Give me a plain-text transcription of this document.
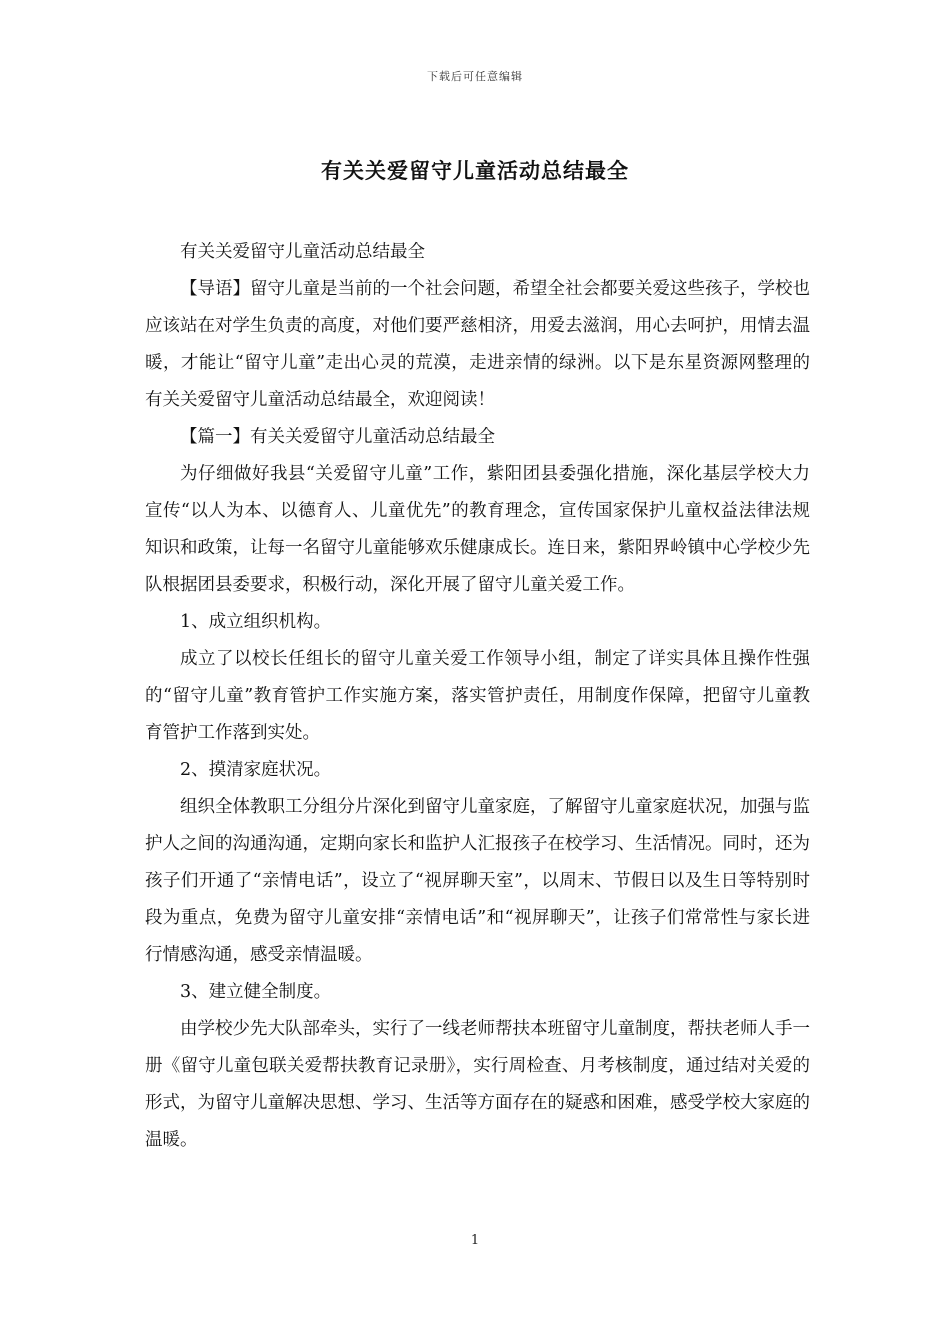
下载后可任意编辑
有关关爱留守儿童活动总结最全

有关关爱留守儿童活动总结最全

【导语】留守儿童是当前的一个社会问题，希望全社会都要关爱这些孩子，学校也应该站在对学生负责的高度，对他们要严慈相济，用爱去滋润，用心去呵护，用情去温暖，才能让“留守儿童”走出心灵的荒漠，走进亲情的绿洲。以下是东星资源网整理的有关关爱留守儿童活动总结最全，欢迎阅读！

【篇一】有关关爱留守儿童活动总结最全

为仔细做好我县“关爱留守儿童”工作，紫阳团县委强化措施，深化基层学校大力宣传“以人为本、以德育人、儿童优先”的教育理念，宣传国家保护儿童权益法律法规知识和政策，让每一名留守儿童能够欢乐健康成长。连日来，紫阳界岭镇中心学校少先队根据团县委要求，积极行动，深化开展了留守儿童关爱工作。

1、成立组织机构。

成立了以校长任组长的留守儿童关爱工作领导小组，制定了详实具体且操作性强的“留守儿童”教育管护工作实施方案，落实管护责任，用制度作保障，把留守儿童教育管护工作落到实处。

2、摸清家庭状况。

组织全体教职工分组分片深化到留守儿童家庭，了解留守儿童家庭状况，加强与监护人之间的沟通沟通，定期向家长和监护人汇报孩子在校学习、生活情况。同时，还为孩子们开通了“亲情电话”，设立了“视屏聊天室”，以周末、节假日以及生日等特别时段为重点，免费为留守儿童安排“亲情电话”和“视屏聊天”，让孩子们常常性与家长进行情感沟通，感受亲情温暖。

3、建立健全制度。

由学校少先大队部牵头，实行了一线老师帮扶本班留守儿童制度，帮扶老师人手一册《留守儿童包联关爱帮扶教育记录册》，实行周检查、月考核制度，通过结对关爱的形式，为留守儿童解决思想、学习、生活等方面存在的疑惑和困难，感受学校大家庭的温暖。

1
